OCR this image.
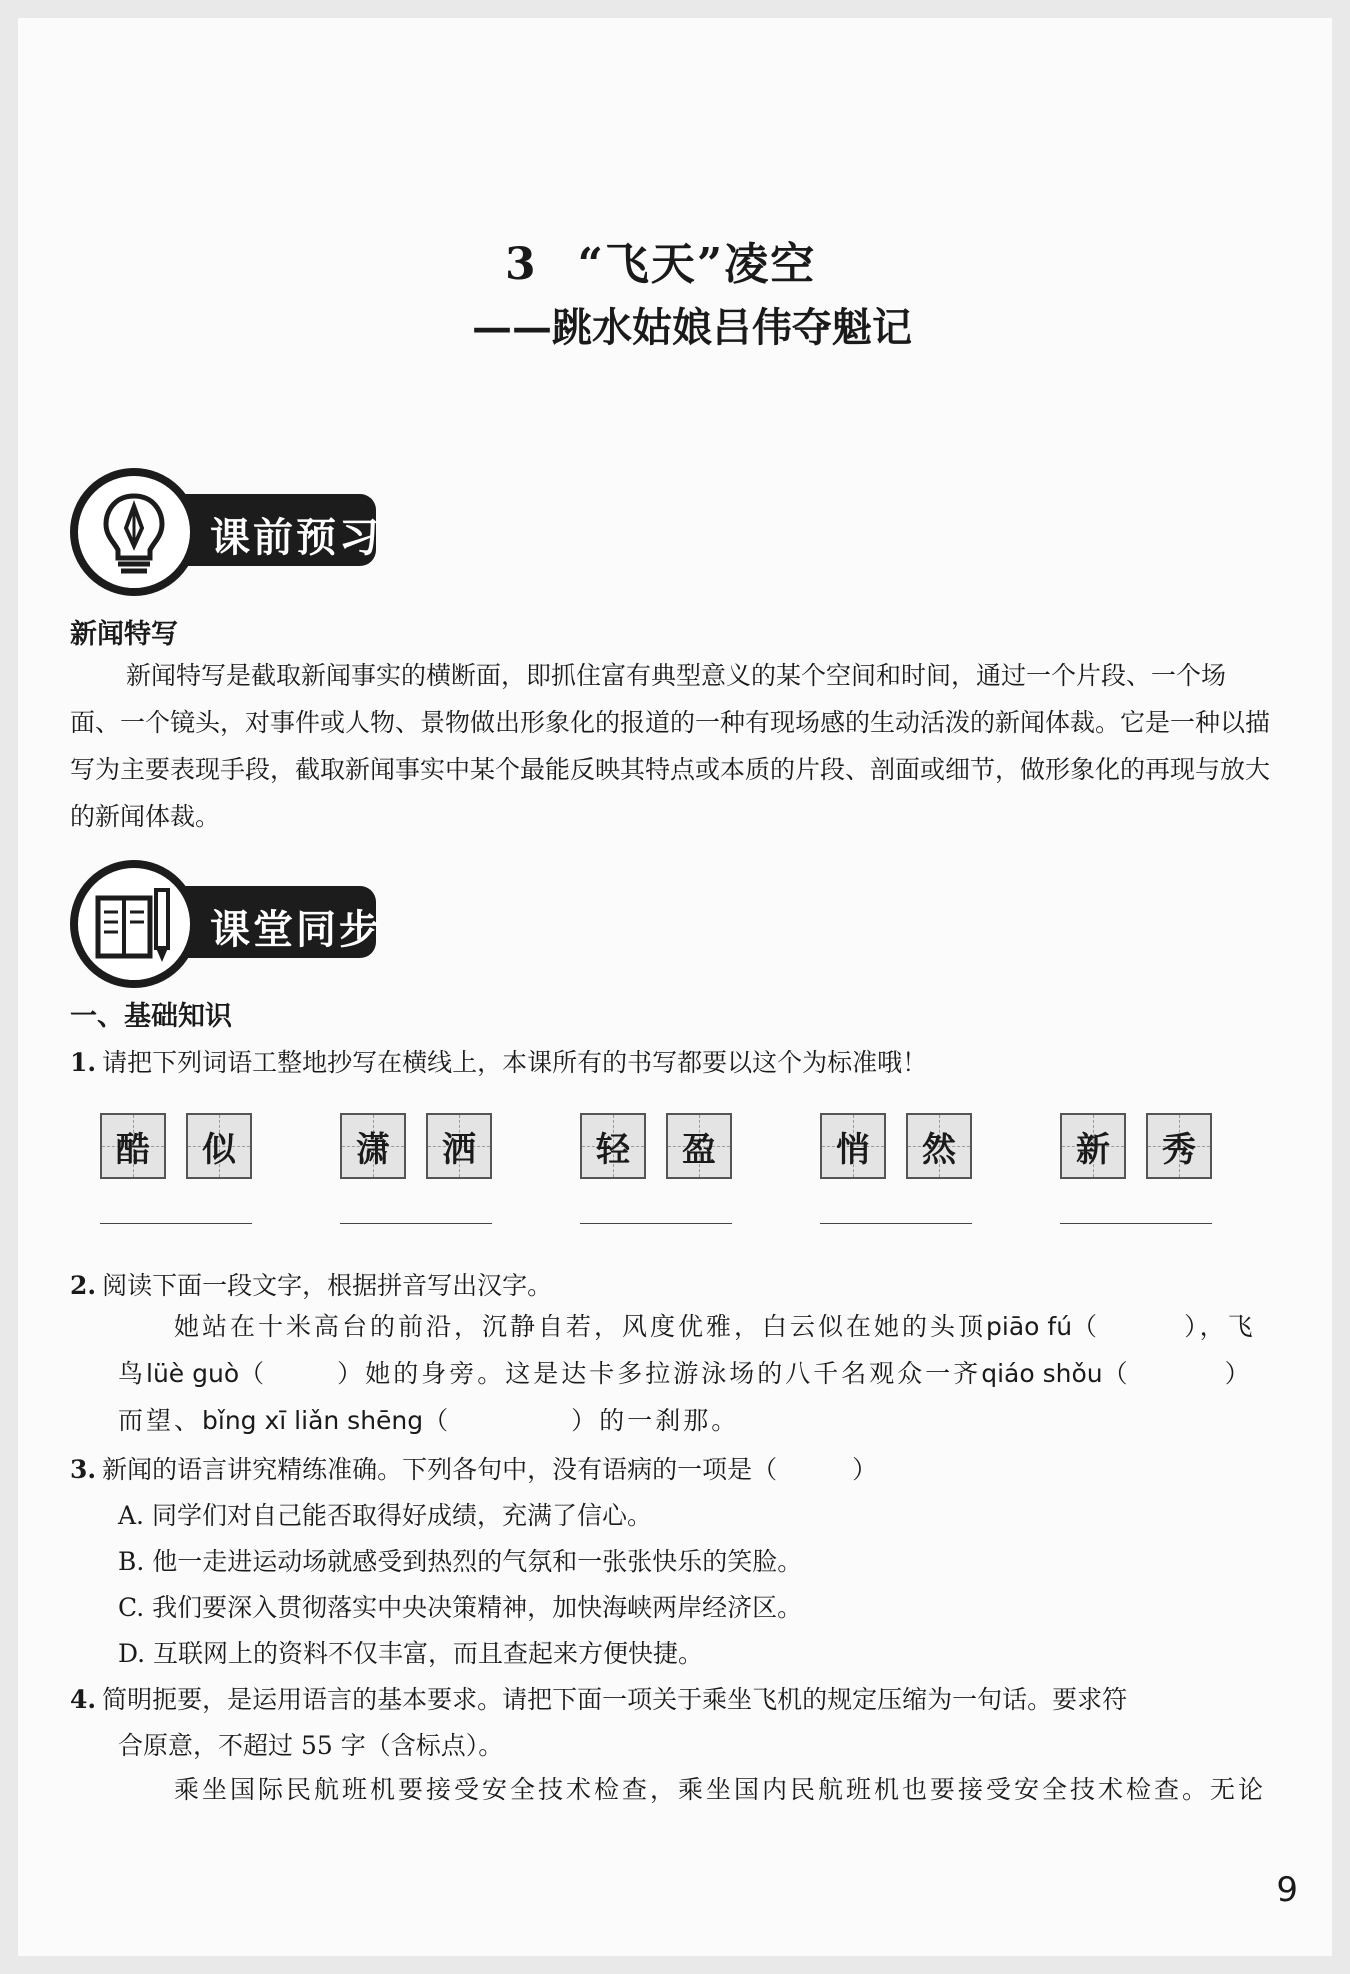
3 “飞天”凌空
——跳水姑娘吕伟夺魁记
课前预习
新闻特写
新闻特写是截取新闻事实的横断面，即抓住富有典型意义的某个空间和时间，通过一个片段、一个场面、一个镜头，对事件或人物、景物做出形象化的报道的一种有现场感的生动活泼的新闻体裁。它是一种以描写为主要表现手段，截取新闻事实中某个最能反映其特点或本质的片段、剖面或细节，做形象化的再现与放大的新闻体裁。
课堂同步
一、基础知识
1. 请把下列词语工整地抄写在横线上，本课所有的书写都要以这个为标准哦！
酷	似	潇	洒	轻	盈	悄	然	新	秀
2. 阅读下面一段文字，根据拼音写出汉字。
她站在十米高台的前沿，沉静自若，风度优雅，白云似在她的头顶piāo fú（	），飞鸟lüè guò（	）她的身旁。这是达卡多拉游泳场的八千名观众一齐qiáo shǒu（	）而望、bǐng xī liǎn shēng（	）的一刹那。
3. 新闻的语言讲究精练准确。下列各句中，没有语病的一项是（　　　）
A. 同学们对自己能否取得好成绩，充满了信心。
B. 他一走进运动场就感受到热烈的气氛和一张张快乐的笑脸。
C. 我们要深入贯彻落实中央决策精神，加快海峡两岸经济区。
D. 互联网上的资料不仅丰富，而且查起来方便快捷。
4. 简明扼要，是运用语言的基本要求。请把下面一项关于乘坐飞机的规定压缩为一句话。要求符
合原意，不超过 55 字（含标点）。
乘坐国际民航班机要接受安全技术检查，乘坐国内民航班机也要接受安全技术检查。无论
9
